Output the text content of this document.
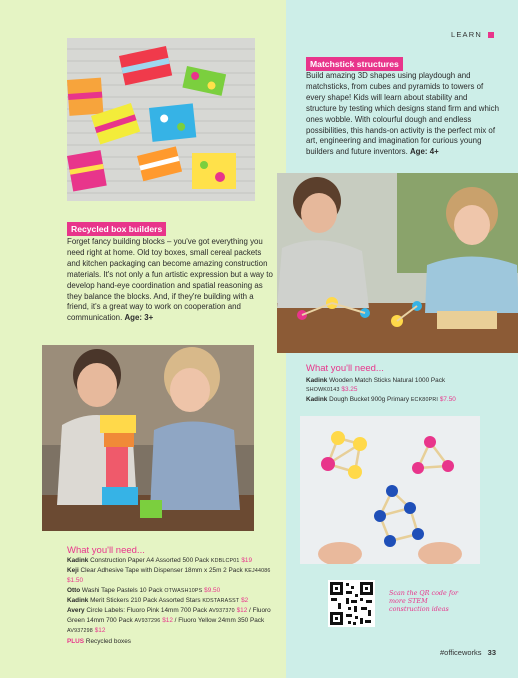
LEARN
Recycled box builders
Forget fancy building blocks – you've got everything you need right at home. Old toy boxes, small cereal packets and kitchen packaging can become amazing construction materials. It's not only a fun artistic expression but a way to develop hand-eye coordination and spatial reasoning as they balance the blocks. And, if they're building with a friend, it's a great way to work on cooperation and communication. Age: 3+
Matchstick structures
Build amazing 3D shapes using playdough and matchsticks, from cubes and pyramids to towers of every shape! Kids will learn about stability and structure by testing which designs stand firm and which ones wobble. With colourful dough and endless possibilities, this hands-on activity is the perfect mix of art, engineering and imagination for curious young builders and future inventors. Age: 4+
What you'll need...
Kadink Wooden Match Sticks Natural 1000 Pack
SHOWK0143 $3.25
Kadink Dough Bucket 900g Primary ECK80PRI $7.50
What you'll need...
Kadink Construction Paper A4 Assorted 500 Pack KDBLCP01 $19
Keji Clear Adhesive Tape with Dispenser 18mm x 25m 2 Pack KEJ44086 $1.50
Otto Washi Tape Pastels 10 Pack OTWASH10PS $9.50
Kadink Merit Stickers 210 Pack Assorted Stars KDSTARASST $2
Avery Circle Labels: Fluoro Pink 14mm 700 Pack AV937370 $12 / Fluoro Green 14mm 700 Pack AV937296 $12 / Fluoro Yellow 24mm 350 Pack AV937298 $12
PLUS Recycled boxes
Scan the QR code for more STEM construction ideas
#officeworks 33
